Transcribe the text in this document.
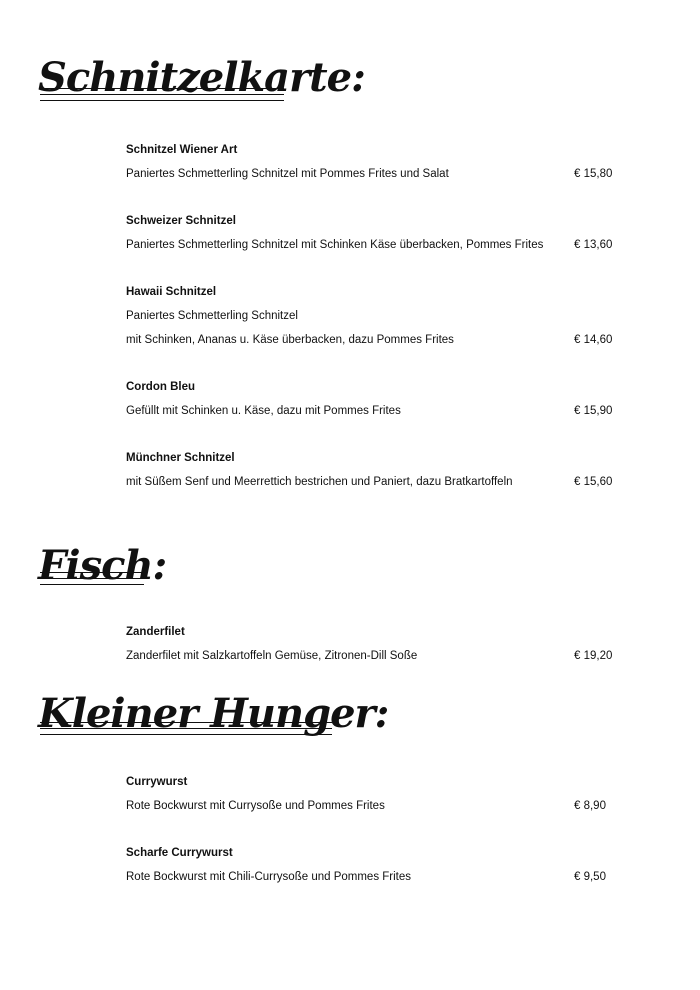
Schnitzelkarte:
Schnitzel Wiener Art
Paniertes Schmetterling Schnitzel mit Pommes Frites und Salat	€ 15,80
Schweizer Schnitzel
Paniertes Schmetterling Schnitzel mit Schinken Käse überbacken, Pommes Frites	€ 13,60
Hawaii Schnitzel
Paniertes Schmetterling Schnitzel
mit Schinken, Ananas u. Käse überbacken, dazu Pommes Frites	€ 14,60
Cordon Bleu
Gefüllt mit Schinken u. Käse, dazu mit Pommes Frites	€ 15,90
Münchner Schnitzel
mit Süßem Senf und Meerrettich bestrichen und Paniert, dazu Bratkartoffeln	€ 15,60
Fisch:
Zanderfilet
Zanderfilet mit Salzkartoffeln Gemüse, Zitronen-Dill Soße	€ 19,20
Kleiner Hunger:
Currywurst
Rote Bockwurst mit Currysoße und Pommes Frites	€ 8,90
Scharfe Currywurst
Rote Bockwurst mit Chili-Currysoße und Pommes Frites	€ 9,50
